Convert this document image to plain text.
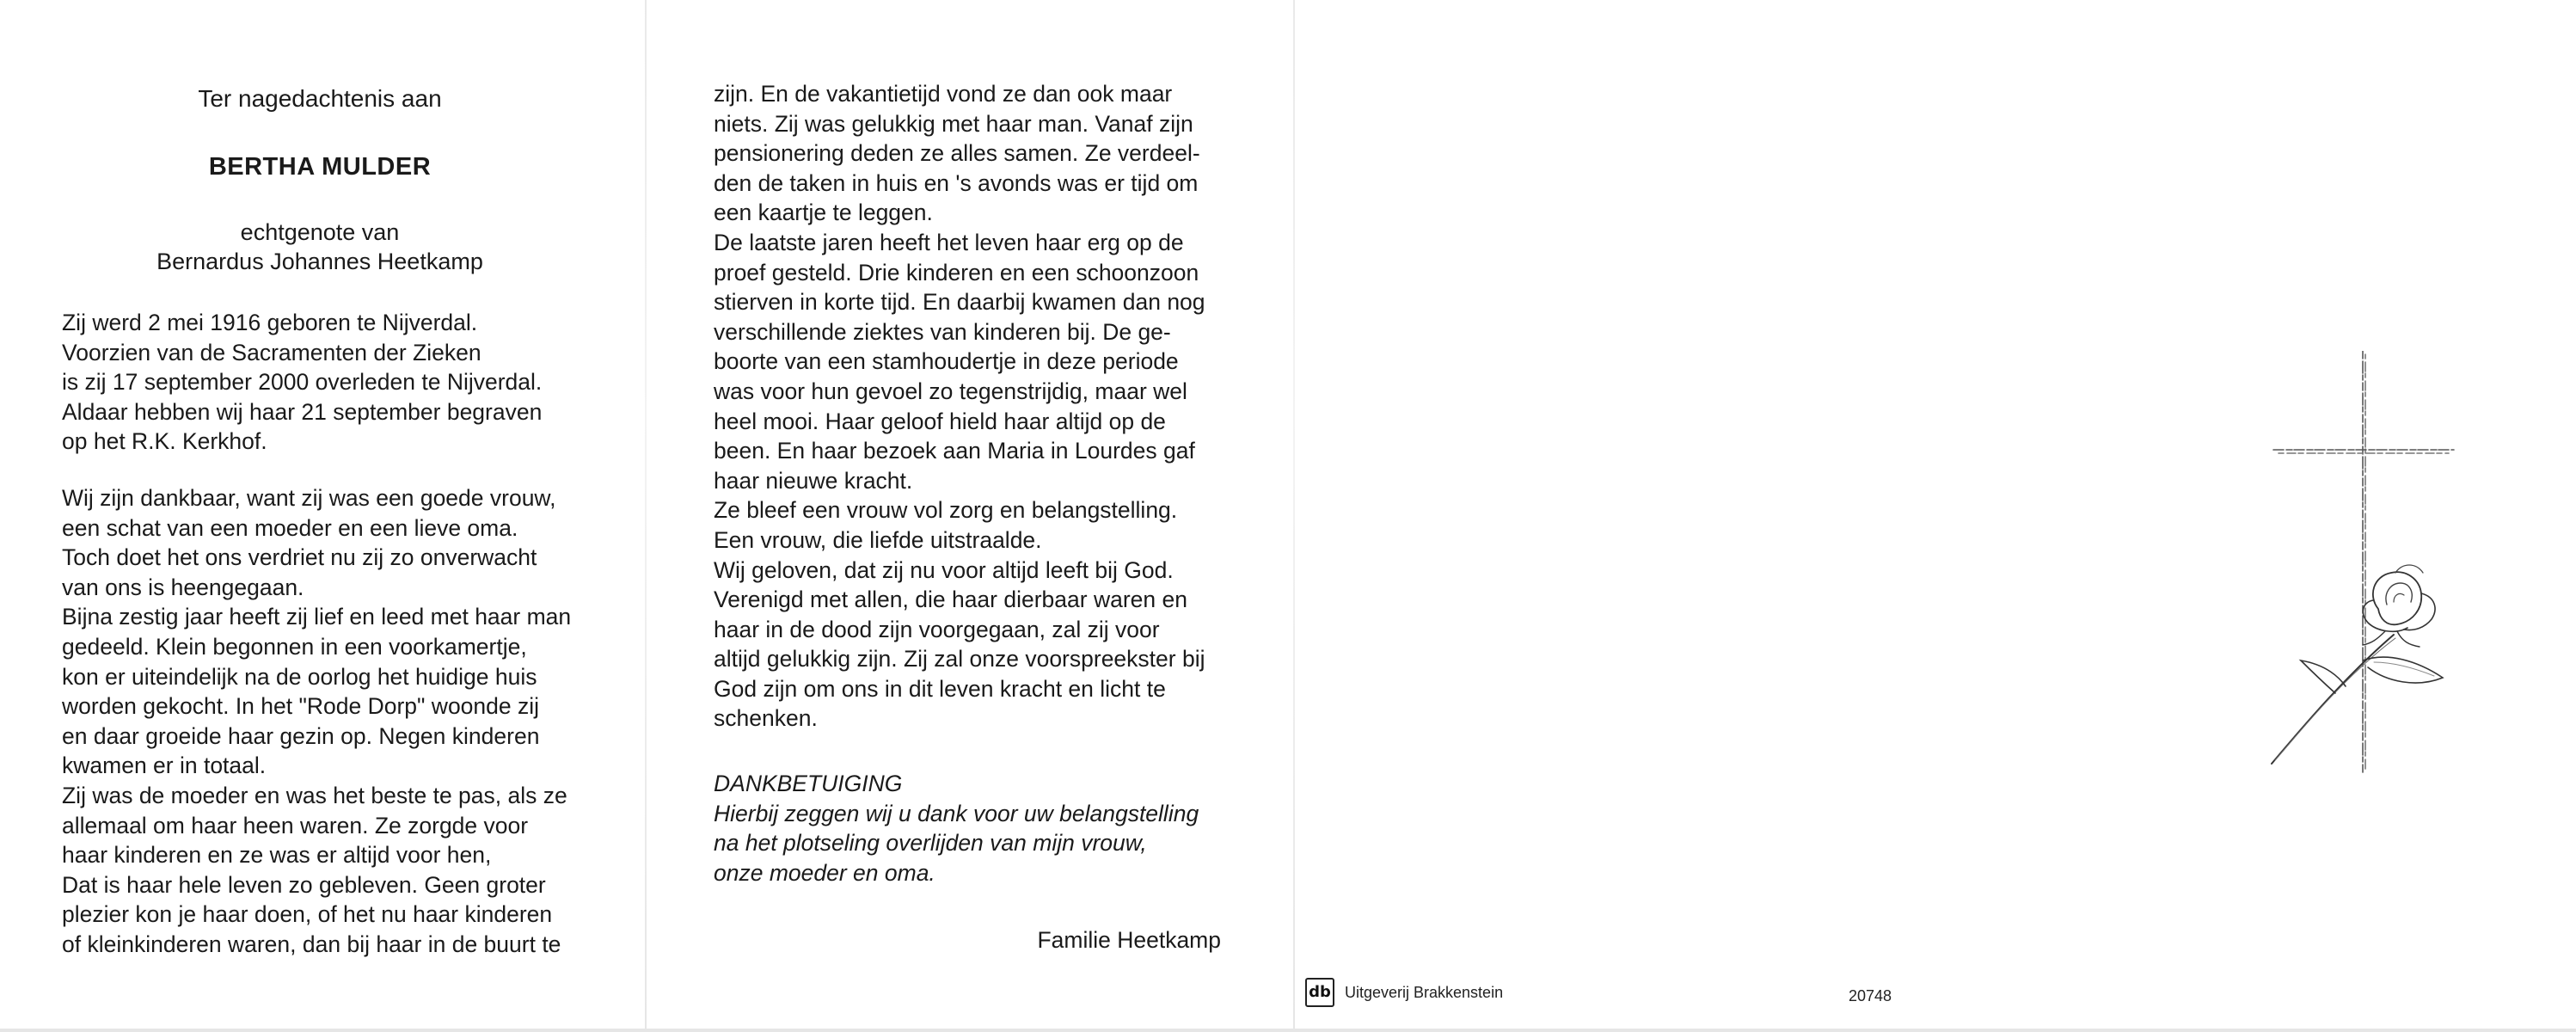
Ter nagedachtenis aan
BERTHA MULDER
echtgenote van
Bernardus Johannes Heetkamp

Zij werd 2 mei 1916 geboren te Nijverdal.

Voorzien van de Sacramenten der Zieken

is zij 17 september 2000 overleden te Nijverdal.

Aldaar hebben wij haar 21 september begraven

op het R.K. Kerkhof.

Wij zijn dankbaar, want zij was een goede vrouw,

een schat van een moeder en een lieve oma.

Toch doet het ons verdriet nu zij zo onverwacht

van ons is heengegaan.

Bijna zestig jaar heeft zij lief en leed met haar man

gedeeld. Klein begonnen in een voorkamertje,

kon er uiteindelijk na de oorlog het huidige huis

worden gekocht. In het "Rode Dorp" woonde zij

en daar groeide haar gezin op. Negen kinderen

kwamen er in totaal.

Zij was de moeder en was het beste te pas, als ze

allemaal om haar heen waren. Ze zorgde voor

haar kinderen en ze was er altijd voor hen,

Dat is haar hele leven zo gebleven. Geen groter

plezier kon je haar doen, of het nu haar kinderen

of kleinkinderen waren, dan bij haar in de buurt te

zijn. En de vakantietijd vond ze dan ook maar

niets. Zij was gelukkig met haar man. Vanaf zijn

pensionering deden ze alles samen. Ze verdeel-

den de taken in huis en 's avonds was er tijd om

een kaartje te leggen.

De laatste jaren heeft het leven haar erg op de

proef gesteld. Drie kinderen en een schoonzoon

stierven in korte tijd. En daarbij kwamen dan nog

verschillende ziektes van kinderen bij. De ge-

boorte van een stamhoudertje in deze periode

was voor hun gevoel zo tegenstrijdig, maar wel

heel mooi. Haar geloof hield haar altijd op de

been. En haar bezoek aan Maria in Lourdes gaf

haar nieuwe kracht.

Ze bleef een vrouw vol zorg en belangstelling.

Een vrouw, die liefde uitstraalde.

Wij geloven, dat zij nu voor altijd leeft bij God.

Verenigd met allen, die haar dierbaar waren en

haar in de dood zijn voorgegaan, zal zij voor

altijd gelukkig zijn. Zij zal onze voorspreekster bij

God zijn om ons in dit leven kracht en licht te

schenken.

DANKBETUIGING

Hierbij zeggen wij u dank voor uw belangstelling

na het plotseling overlijden van mijn vrouw,

onze moeder en oma.

Familie Heetkamp
db Uitgeverij Brakkenstein	20748
